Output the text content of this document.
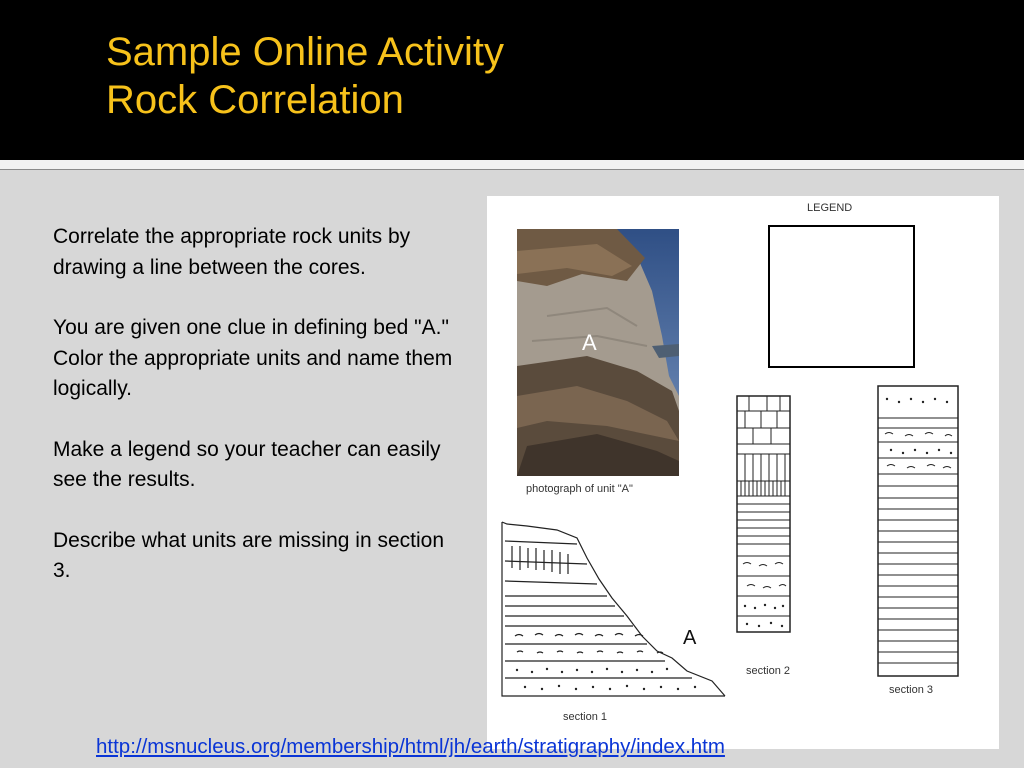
Sample Online Activity
Rock Correlation

Correlate the appropriate rock units by drawing a line between the cores.

You are given one clue in defining bed "A." Color the appropriate units and name them logically.

Make a legend so your teacher can easily see the results.

Describe what units are missing in section 3.

A
photograph of unit "A"
LEGEND
A
section 1
section 2
section 3
http://msnucleus.org/membership/html/jh/earth/stratigraphy/index.htm
